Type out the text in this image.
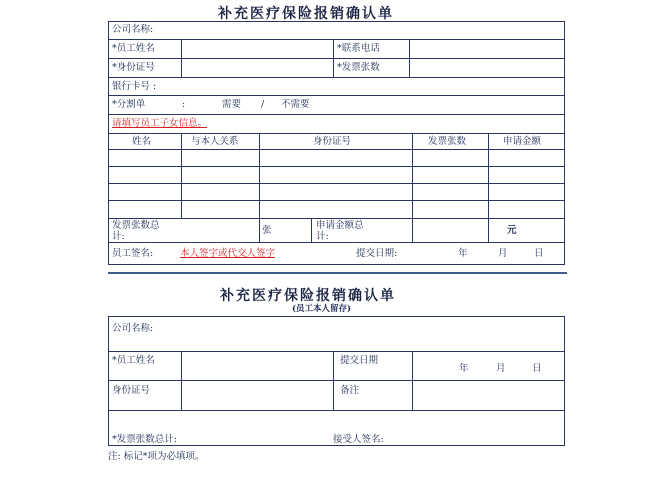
补充医疗保险报销确认单
公司名称:
*员工姓名	*联系电话
*身份证号	*发票张数
银行卡号 :
*分割单	:	需要 / 不需要
请填写员工子女信息。
姓名	与本人关系	身份证号	发票张数	申请金额
发票张数总计:
张	申请金额总计:
元
员工签名:	本人签字或代交人签字	提交日期:	年	月	日
补充医疗保险报销确认单
(员工本人留存)
公司名称:
*员工姓名	提交日期
年	月	日
身份证号	备注
*发票张数总计:	接受人签名:
注: 标记*项为必填项。
